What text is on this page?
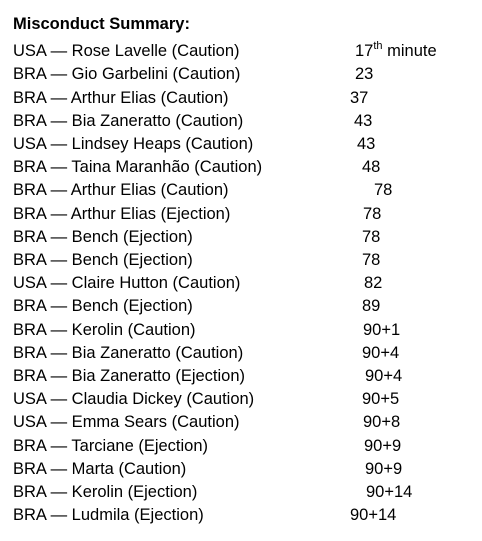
Misconduct Summary:
USA — Rose Lavelle (Caution)	17th minute
BRA — Gio Garbelini (Caution)	23
BRA — Arthur Elias (Caution)	37
BRA — Bia Zaneratto (Caution)	43
USA — Lindsey Heaps (Caution)	43
BRA — Taina Maranhão (Caution)	48
BRA — Arthur Elias (Caution)	78
BRA — Arthur Elias (Ejection)	78
BRA — Bench (Ejection)	78
BRA — Bench (Ejection)	78
USA — Claire Hutton (Caution)	82
BRA — Bench (Ejection)	89
BRA — Kerolin (Caution)	90+1
BRA — Bia Zaneratto (Caution)	90+4
BRA — Bia Zaneratto (Ejection)	90+4
USA — Claudia Dickey (Caution)	90+5
USA — Emma Sears (Caution)	90+8
BRA — Tarciane (Ejection)	90+9
BRA — Marta (Caution)	90+9
BRA — Kerolin (Ejection)	90+14
BRA — Ludmila (Ejection)	90+14
